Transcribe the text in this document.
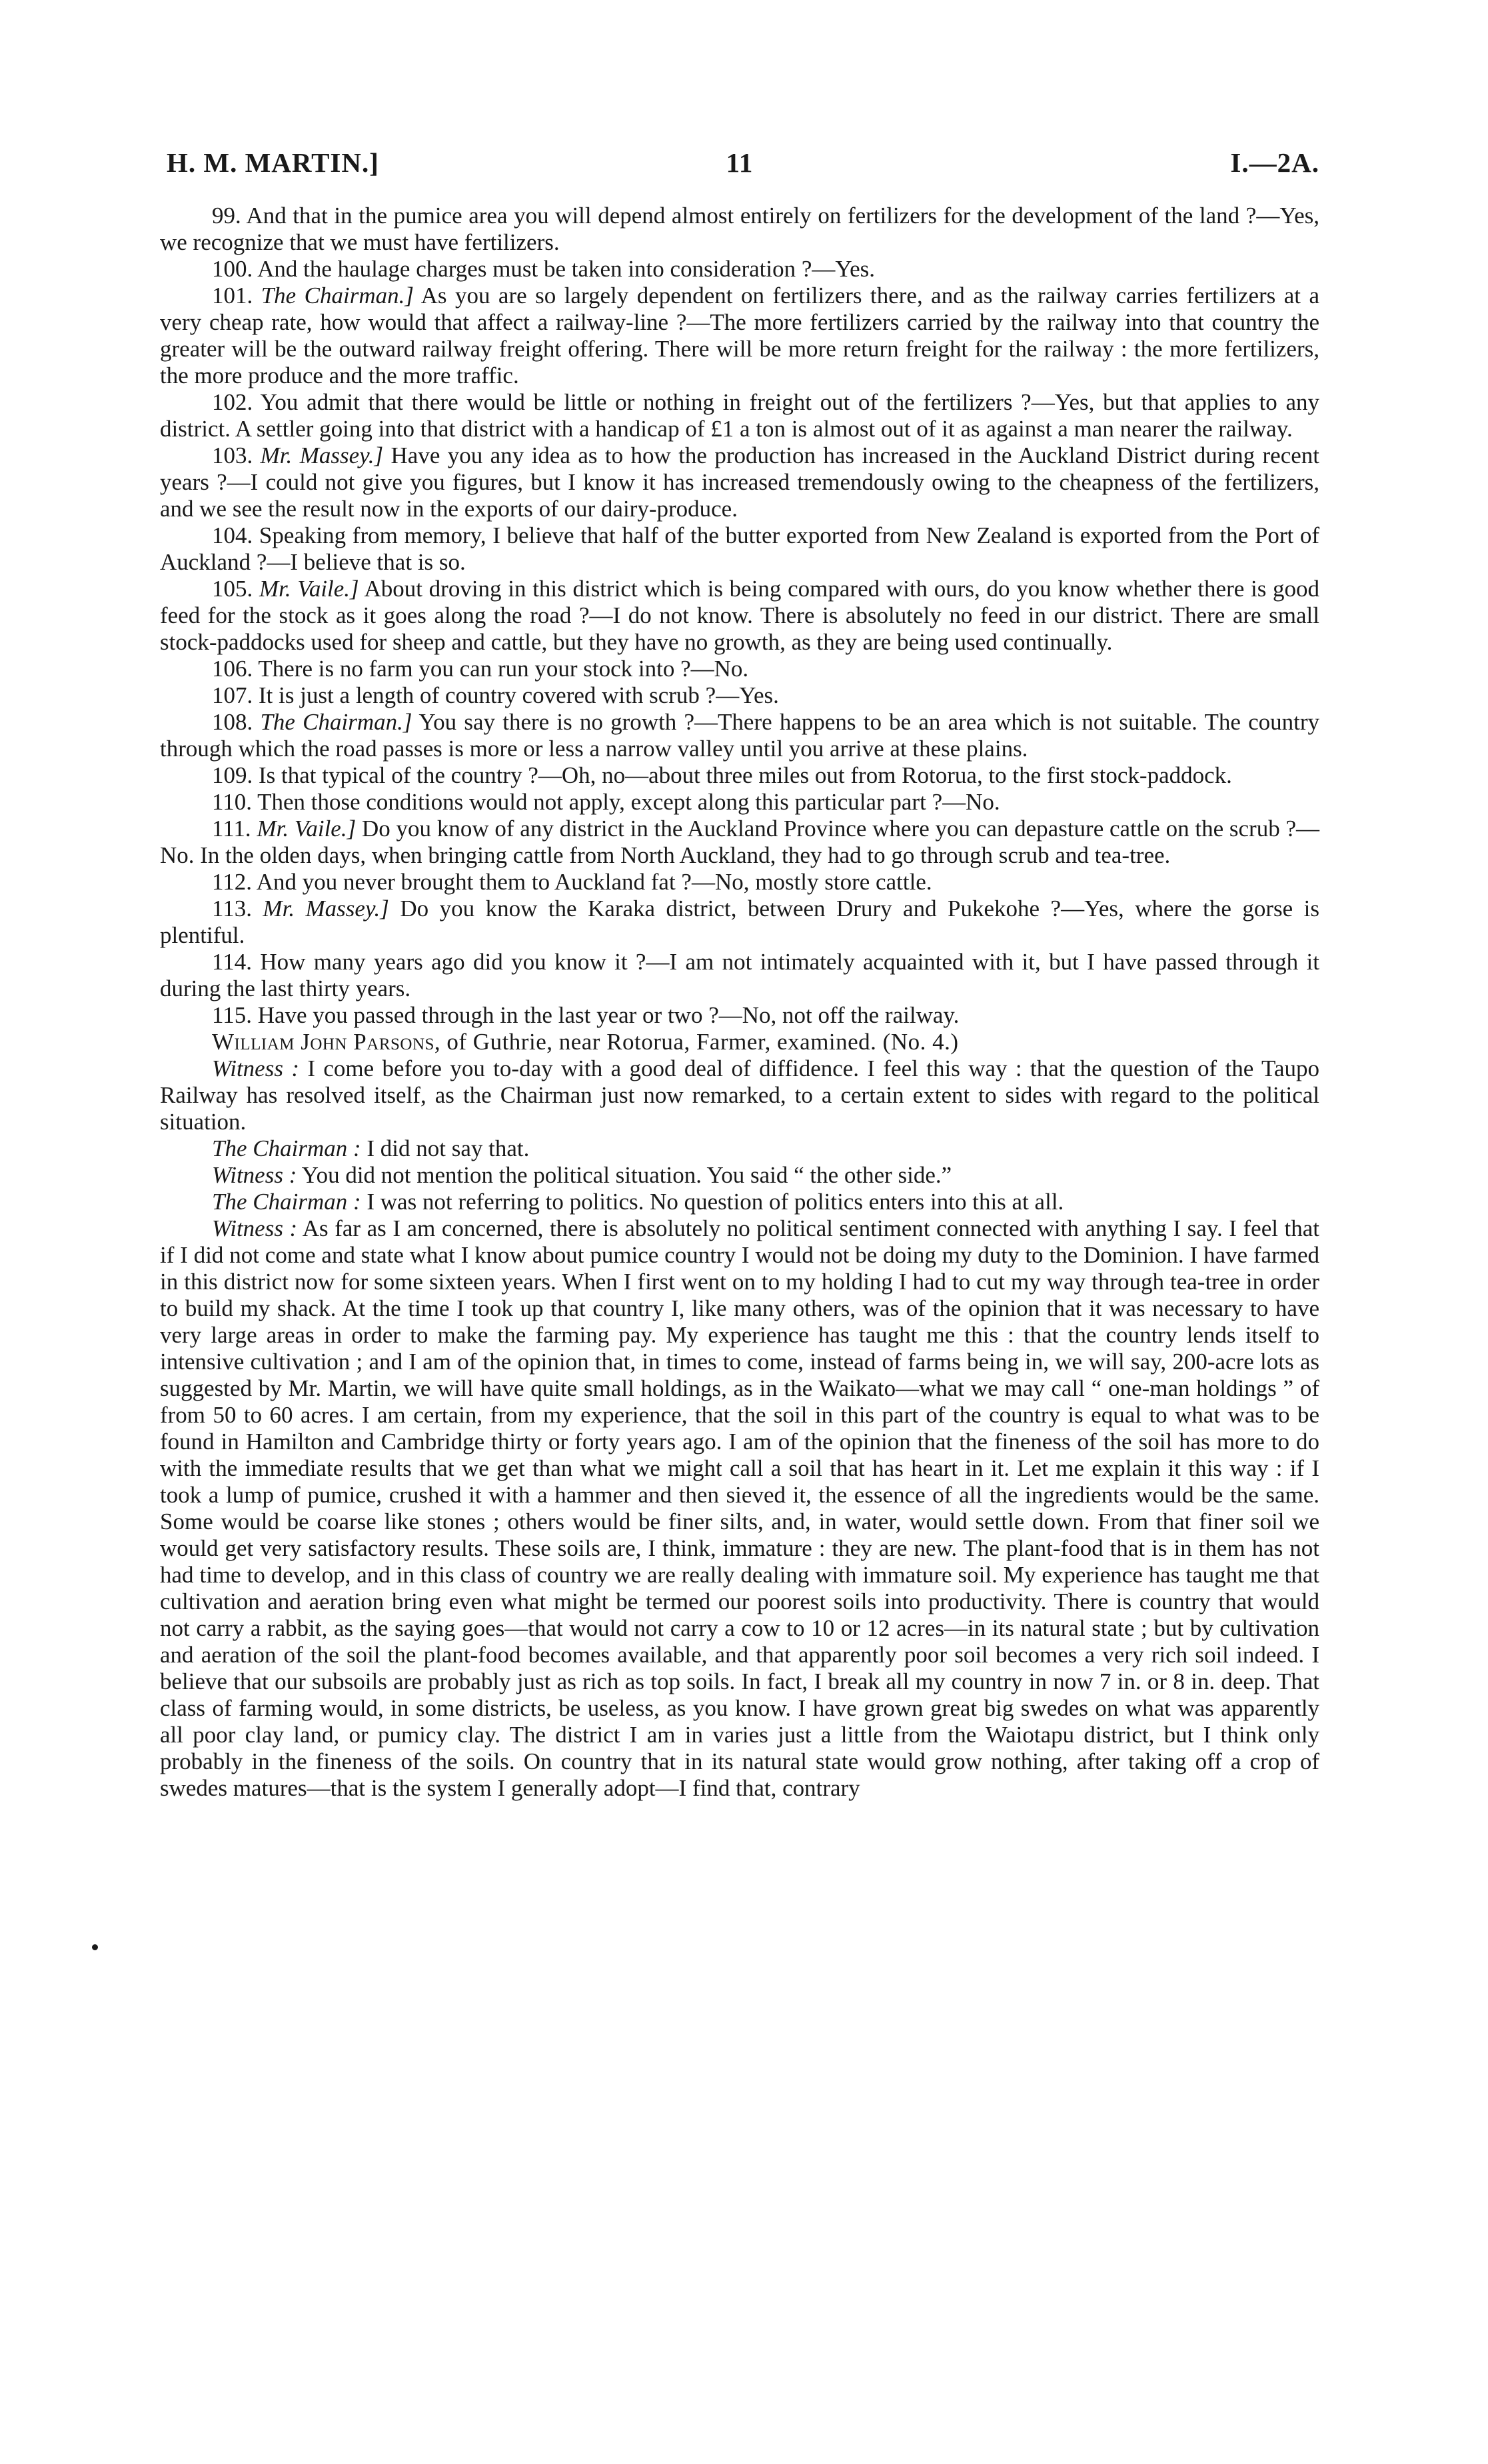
H. M. MARTIN.]	11	I.—2A.

99. And that in the pumice area you will depend almost entirely on fertilizers for the development of the land ?—Yes, we recognize that we must have fertilizers.

100. And the haulage charges must be taken into consideration ?—Yes.

101. The Chairman.] As you are so largely dependent on fertilizers there, and as the railway carries fertilizers at a very cheap rate, how would that affect a railway-line ?—The more fertilizers carried by the railway into that country the greater will be the outward railway freight offering. There will be more return freight for the railway : the more fertilizers, the more produce and the more traffic.

102. You admit that there would be little or nothing in freight out of the fertilizers ?—Yes, but that applies to any district. A settler going into that district with a handicap of £1 a ton is almost out of it as against a man nearer the railway.

103. Mr. Massey.] Have you any idea as to how the production has increased in the Auckland District during recent years ?—I could not give you figures, but I know it has increased tremendously owing to the cheapness of the fertilizers, and we see the result now in the exports of our dairy-produce.

104. Speaking from memory, I believe that half of the butter exported from New Zealand is exported from the Port of Auckland ?—I believe that is so.

105. Mr. Vaile.] About droving in this district which is being compared with ours, do you know whether there is good feed for the stock as it goes along the road ?—I do not know. There is absolutely no feed in our district. There are small stock-paddocks used for sheep and cattle, but they have no growth, as they are being used continually.

106. There is no farm you can run your stock into ?—No.

107. It is just a length of country covered with scrub ?—Yes.

108. The Chairman.] You say there is no growth ?—There happens to be an area which is not suitable. The country through which the road passes is more or less a narrow valley until you arrive at these plains.

109. Is that typical of the country ?—Oh, no—about three miles out from Rotorua, to the first stock-paddock.

110. Then those conditions would not apply, except along this particular part ?—No.

111. Mr. Vaile.] Do you know of any district in the Auckland Province where you can depasture cattle on the scrub ?—No. In the olden days, when bringing cattle from North Auckland, they had to go through scrub and tea-tree.

112. And you never brought them to Auckland fat ?—No, mostly store cattle.

113. Mr. Massey.] Do you know the Karaka district, between Drury and Pukekohe ?—Yes, where the gorse is plentiful.

114. How many years ago did you know it ?—I am not intimately acquainted with it, but I have passed through it during the last thirty years.

115. Have you passed through in the last year or two ?—No, not off the railway.

William John Parsons, of Guthrie, near Rotorua, Farmer, examined. (No. 4.)

Witness : I come before you to-day with a good deal of diffidence. I feel this way : that the question of the Taupo Railway has resolved itself, as the Chairman just now remarked, to a certain extent to sides with regard to the political situation.

The Chairman : I did not say that.

Witness : You did not mention the political situation. You said “ the other side.”

The Chairman : I was not referring to politics. No question of politics enters into this at all.

Witness : As far as I am concerned, there is absolutely no political sentiment connected with anything I say. I feel that if I did not come and state what I know about pumice country I would not be doing my duty to the Dominion. I have farmed in this district now for some sixteen years. When I first went on to my holding I had to cut my way through tea-tree in order to build my shack. At the time I took up that country I, like many others, was of the opinion that it was necessary to have very large areas in order to make the farming pay. My experience has taught me this : that the country lends itself to intensive cultivation ; and I am of the opinion that, in times to come, instead of farms being in, we will say, 200-acre lots as suggested by Mr. Martin, we will have quite small holdings, as in the Waikato—what we may call “ one-man holdings ” of from 50 to 60 acres. I am certain, from my experience, that the soil in this part of the country is equal to what was to be found in Hamilton and Cambridge thirty or forty years ago. I am of the opinion that the fineness of the soil has more to do with the immediate results that we get than what we might call a soil that has heart in it. Let me explain it this way : if I took a lump of pumice, crushed it with a hammer and then sieved it, the essence of all the ingredients would be the same. Some would be coarse like stones ; others would be finer silts, and, in water, would settle down. From that finer soil we would get very satisfactory results. These soils are, I think, immature : they are new. The plant-food that is in them has not had time to develop, and in this class of country we are really dealing with immature soil. My experience has taught me that cultivation and aeration bring even what might be termed our poorest soils into productivity. There is country that would not carry a rabbit, as the saying goes—that would not carry a cow to 10 or 12 acres—in its natural state ; but by cultivation and aeration of the soil the plant-food becomes available, and that apparently poor soil becomes a very rich soil indeed. I believe that our subsoils are probably just as rich as top soils. In fact, I break all my country in now 7 in. or 8 in. deep. That class of farming would, in some districts, be useless, as you know. I have grown great big swedes on what was apparently all poor clay land, or pumicy clay. The district I am in varies just a little from the Waiotapu district, but I think only probably in the fineness of the soils. On country that in its natural state would grow nothing, after taking off a crop of swedes matures—that is the system I generally adopt—I find that, contrary
